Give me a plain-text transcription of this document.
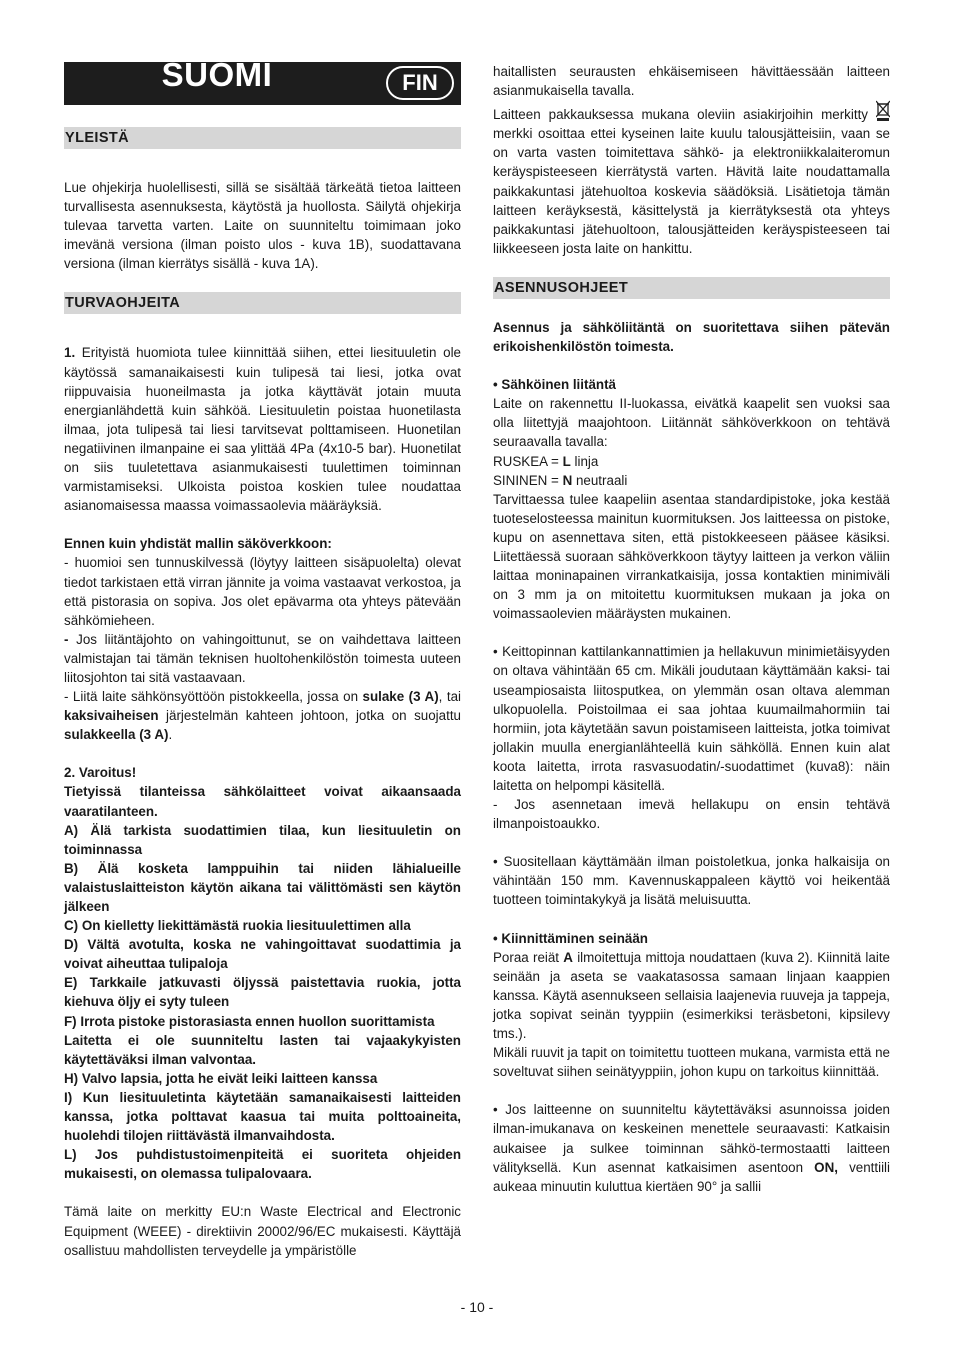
SUOMI	FIN
YLEISTÄ

Lue ohjekirja huolellisesti, sillä se sisältää tärkeätä tietoa laitteen turvallisesta asennuksesta, käytöstä ja huollosta. Säilytä ohjekirja tulevaa tarvetta varten. Laite on suunniteltu toimimaan joko imevänä versiona (ilman poisto ulos - kuva 1B), suodattavana versiona (ilman kierrätys sisällä - kuva 1A).

TURVAOHJEITA

1. Erityistä huomiota tulee kiinnittää siihen, ettei liesituuletin ole käytössä samanaikaisesti kuin tulipesä tai liesi, jotka ovat riippuvaisia huoneilmasta ja jotka käyttävät jotain muuta energianlähdettä kuin sähköä. Liesituuletin poistaa huonetilasta ilmaa, jota tulipesä tai liesi tarvitsevat polttamiseen. Huonetilan negatiivinen ilmanpaine ei saa ylittää 4Pa (4x10-5 bar). Huonetilat on siis tuuletettava asianmukaisesti tuulettimen toiminnan varmistamiseksi. Ulkoista poistoa koskien tulee noudattaa asianomaisessa maassa voimassaolevia määräyksiä.

Ennen kuin yhdistät mallin säköverkkoon:

- huomioi sen tunnuskilvessä (löytyy laitteen sisäpuolelta) olevat tiedot tarkistaen että virran jännite ja voima vastaavat verkostoa, ja että pistorasia on sopiva. Jos olet epävarma ota yhteys pätevään sähkömieheen.

- Jos liitäntäjohto on vahingoittunut, se on vaihdettava laitteen valmistajan tai tämän teknisen huoltohenkilöstön toimesta uuteen liitosjohton tai sitä vastaavaan.

- Liitä laite sähkönsyöttöön pistokkeella, jossa on sulake (3 A), tai kaksivaiheisen järjestelmän kahteen johtoon, jotka on suojattu sulakkeella (3 A).

2. Varoitus!

Tietyissä tilanteissa sähkölaitteet voivat aikaansaada vaaratilanteen.

A) Älä tarkista suodattimien tilaa, kun liesituuletin on toiminnassa

B) Älä kosketa lamppuihin tai niiden lähialueille valaistuslaitteiston käytön aikana tai välittömästi sen käytön jälkeen

C) On kielletty liekittämästä ruokia liesituulettimen alla

D) Vältä avotulta, koska ne vahingoittavat suodattimia ja voivat aiheuttaa tulipaloja

E) Tarkkaile jatkuvasti öljyssä paistettavia ruokia, jotta kiehuva öljy ei syty tuleen

F) Irrota pistoke pistorasiasta ennen huollon suorittamista

Laitetta ei ole suunniteltu lasten tai vajaakykyisten käytettäväksi ilman valvontaa.

H) Valvo lapsia, jotta he eivät leiki laitteen kanssa

I) Kun liesituuletinta käytetään samanaikaisesti laitteiden kanssa, jotka polttavat kaasua tai muita polttoaineita, huolehdi tilojen riittävästä ilmanvaihdosta.

L) Jos puhdistustoimenpiteitä ei suoriteta ohjeiden mukaisesti, on olemassa tulipalovaara.

Tämä laite on merkitty EU:n Waste Electrical and Electronic Equipment (WEEE) - direktiivin 20002/96/EC mukaisesti. Käyttäjä osallistuu mahdollisten terveydelle ja ympäristölle

haitallisten seurausten ehkäisemiseen hävittäessään laitteen asianmukaisella tavalla.

Laitteen pakkauksessa mukana oleviin asiakirjoihin merkitty  merkki osoittaa ettei kyseinen laite kuulu talousjätteisiin, vaan se on varta vasten toimitettava sähkö- ja elektroniikkalaiteromun keräyspisteeseen kierrätystä varten. Hävitä laite noudattamalla paikkakuntasi jätehuoltoa koskevia säädöksiä. Lisätietoja tämän laitteen keräyksestä, käsittelystä ja kierrätyksestä ota yhteys paikkakuntasi jätehuoltoon, talousjätteiden keräyspisteeseen tai liikkeeseen josta laite on hankittu.

ASENNUSOHJEET

Asennus ja sähköliitäntä on suoritettava siihen pätevän erikoishenkilöstön toimesta.

• Sähköinen liitäntä

Laite on rakennettu II-luokassa, eivätkä kaapelit sen vuoksi saa olla liitettyjä maajohtoon. Liitännät sähköverkkoon on tehtävä seuraavalla tavalla:

RUSKEA = L linja

SININEN = N neutraali

Tarvittaessa tulee kaapeliin asentaa standardipistoke, joka kestää tuoteselosteessa mainitun kuormituksen. Jos laitteessa on pistoke, kupu on asennettava siten, että pistokkeeseen pääsee käsiksi. Liitettäessä suoraan sähköverkkoon täytyy laitteen ja verkon väliin laittaa moninapainen virrankatkaisija, jossa kontaktien minimiväli on 3 mm ja on mitoitettu kuormituksen mukaan ja joka on voimassaolevien määräysten mukainen.

• Keittopinnan kattilankannattimien ja hellakuvun minimietäisyyden on oltava vähintään 65 cm. Mikäli joudutaan käyttämään kaksi- tai useampiosaista liitosputkea, on ylemmän osan oltava alemman ulkopuolella. Poistoilmaa ei saa johtaa kuumailmahormiin tai hormiin, jota käytetään savun poistamiseen laitteista, jotka toimivat jollakin muulla energianlähteellä kuin sähköllä. Ennen kuin alat koota laitetta, irrota rasvasuodatin/-suodattimet (kuva8): näin laitetta on helpompi käsitellä.

- Jos asennetaan imevä hellakupu on ensin tehtävä ilmanpoistoaukko.

• Suositellaan käyttämään ilman poistoletkua, jonka halkaisija on vähintään 150 mm. Kavennuskappaleen käyttö voi heikentää tuotteen toimintakykyä ja lisätä meluisuutta.

• Kiinnittäminen seinään

Poraa reiät A ilmoitettuja mittoja noudattaen (kuva 2). Kiinnitä laite seinään ja aseta se vaakatasossa samaan linjaan kaappien kanssa. Käytä asennukseen sellaisia laajenevia ruuveja ja tappeja, jotka sopivat seinän tyyppiin (esimerkiksi teräsbetoni, kipsilevy tms.).

Mikäli ruuvit ja tapit on toimitettu tuotteen mukana, varmista että ne soveltuvat siihen seinätyyppiin, johon kupu on tarkoitus kiinnittää.

• Jos laitteenne on suunniteltu käytettäväksi asunnoissa joiden ilman-imukanava on keskeinen menettele seuraavasti: Katkaisin aukaisee ja sulkee toiminnan sähkö-termostaatti laitteen välityksellä. Kun asennat katkaisimen asentoon ON, venttiili aukeaa minuutin kuluttua kiertäen 90° ja sallii

- 10 -
